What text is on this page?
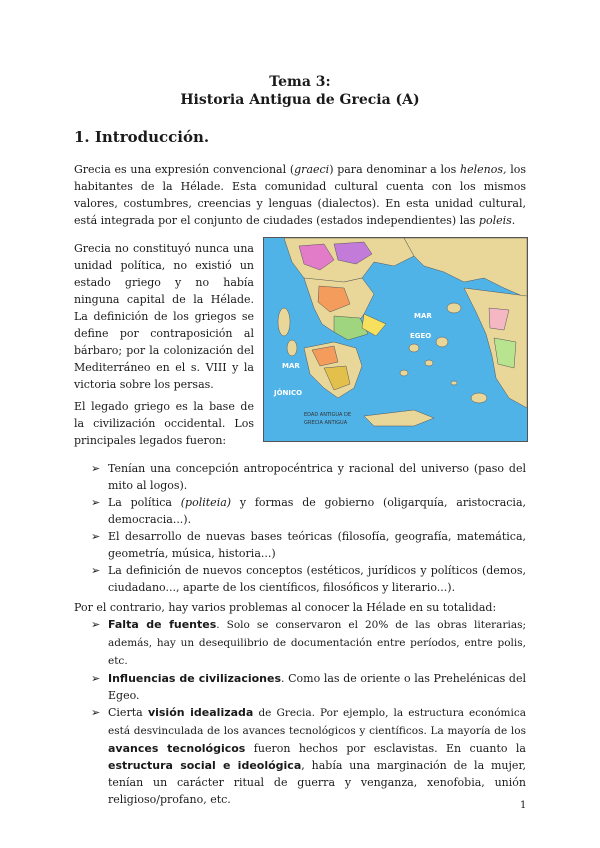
Tema 3:
Historia Antigua de Grecia (A)
1. Introducción.

Grecia es una expresión convencional (graeci) para denominar a los helenos, los habitantes de la Hélade. Esta comunidad cultural cuenta con los mismos valores, costumbres, creencias y lenguas (dialectos). En esta unidad cultural, está integrada por el conjunto de ciudades (estados independientes) las poleis.

Grecia no constituyó nunca una unidad política, no existió un estado griego y no había ninguna capital de la Hélade. La definición de los griegos se define por contraposición al bárbaro; por la colonización del Mediterráneo en el s. VIII y la victoria sobre los persas.

MAR
EGEO
MAR
JÓNICO
EDAD ANTIGUA DE
GRECIA ANTIGUA

El legado griego es la base de la civilización occidental. Los principales legados fueron:

➢ Tenían una concepción antropocéntrica y racional del universo (paso del mito al logos).
➢ La política (politeia) y formas de gobierno (oligarquía, aristocracia, democracia...).
➢ El desarrollo de nuevas bases teóricas (filosofía, geografía, matemática, geometría, música, historia...)
➢ La definición de nuevos conceptos (estéticos, jurídicos y políticos (demos, ciudadano..., aparte de los científicos, filosóficos y literario...).

Por el contrario, hay varios problemas al conocer la Hélade en su totalidad:

➢ Falta de fuentes. Solo se conservaron el 20% de las obras literarias; además, hay un desequilibrio de documentación entre períodos, entre polis, etc.
➢ Influencias de civilizaciones. Como las de oriente o las Prehelénicas del Egeo.
➢ Cierta visión idealizada de Grecia. Por ejemplo, la estructura económica está desvinculada de los avances tecnológicos y científicos. La mayoría de los avances tecnológicos fueron hechos por esclavistas. En cuanto la estructura social e ideológica, había una marginación de la mujer, tenían un carácter ritual de guerra y venganza, xenofobia, unión religioso/profano, etc.	1
